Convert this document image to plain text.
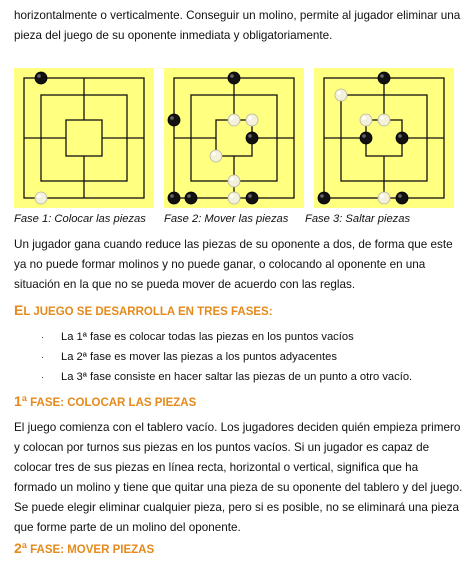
horizontalmente o verticalmente. Conseguir un molino, permite al jugador eliminar una pieza del juego de su oponente inmediata y obligatoriamente.

Fase 1: Colocar las piezas Fase 2: Mover las piezas Fase 3: Saltar piezas

Un jugador gana cuando reduce las piezas de su oponente a dos, de forma que este ya no puede formar molinos y no puede ganar, o colocando al oponente en una situación en la que no se pueda mover de acuerdo con las reglas.

EL JUEGO SE DESARROLLA EN TRES FASES:
· La 1ª fase es colocar todas las piezas en los puntos vacíos
· La 2ª fase es mover las piezas a los puntos adyacentes
· La 3ª fase consiste en hacer saltar las piezas de un punto a otro vacío.
1ª FASE: COLOCAR LAS PIEZAS

El juego comienza con el tablero vacío. Los jugadores deciden quién empieza primero y colocan por turnos sus piezas en los puntos vacíos. Si un jugador es capaz de colocar tres de sus piezas en línea recta, horizontal o vertical, significa que ha formado un molino y tiene que quitar una pieza de su oponente del tablero y del juego. Se puede elegir eliminar cualquier pieza, pero si es posible, no se eliminará una pieza que forme parte de un molino del oponente.

2ª FASE: MOVER PIEZAS
